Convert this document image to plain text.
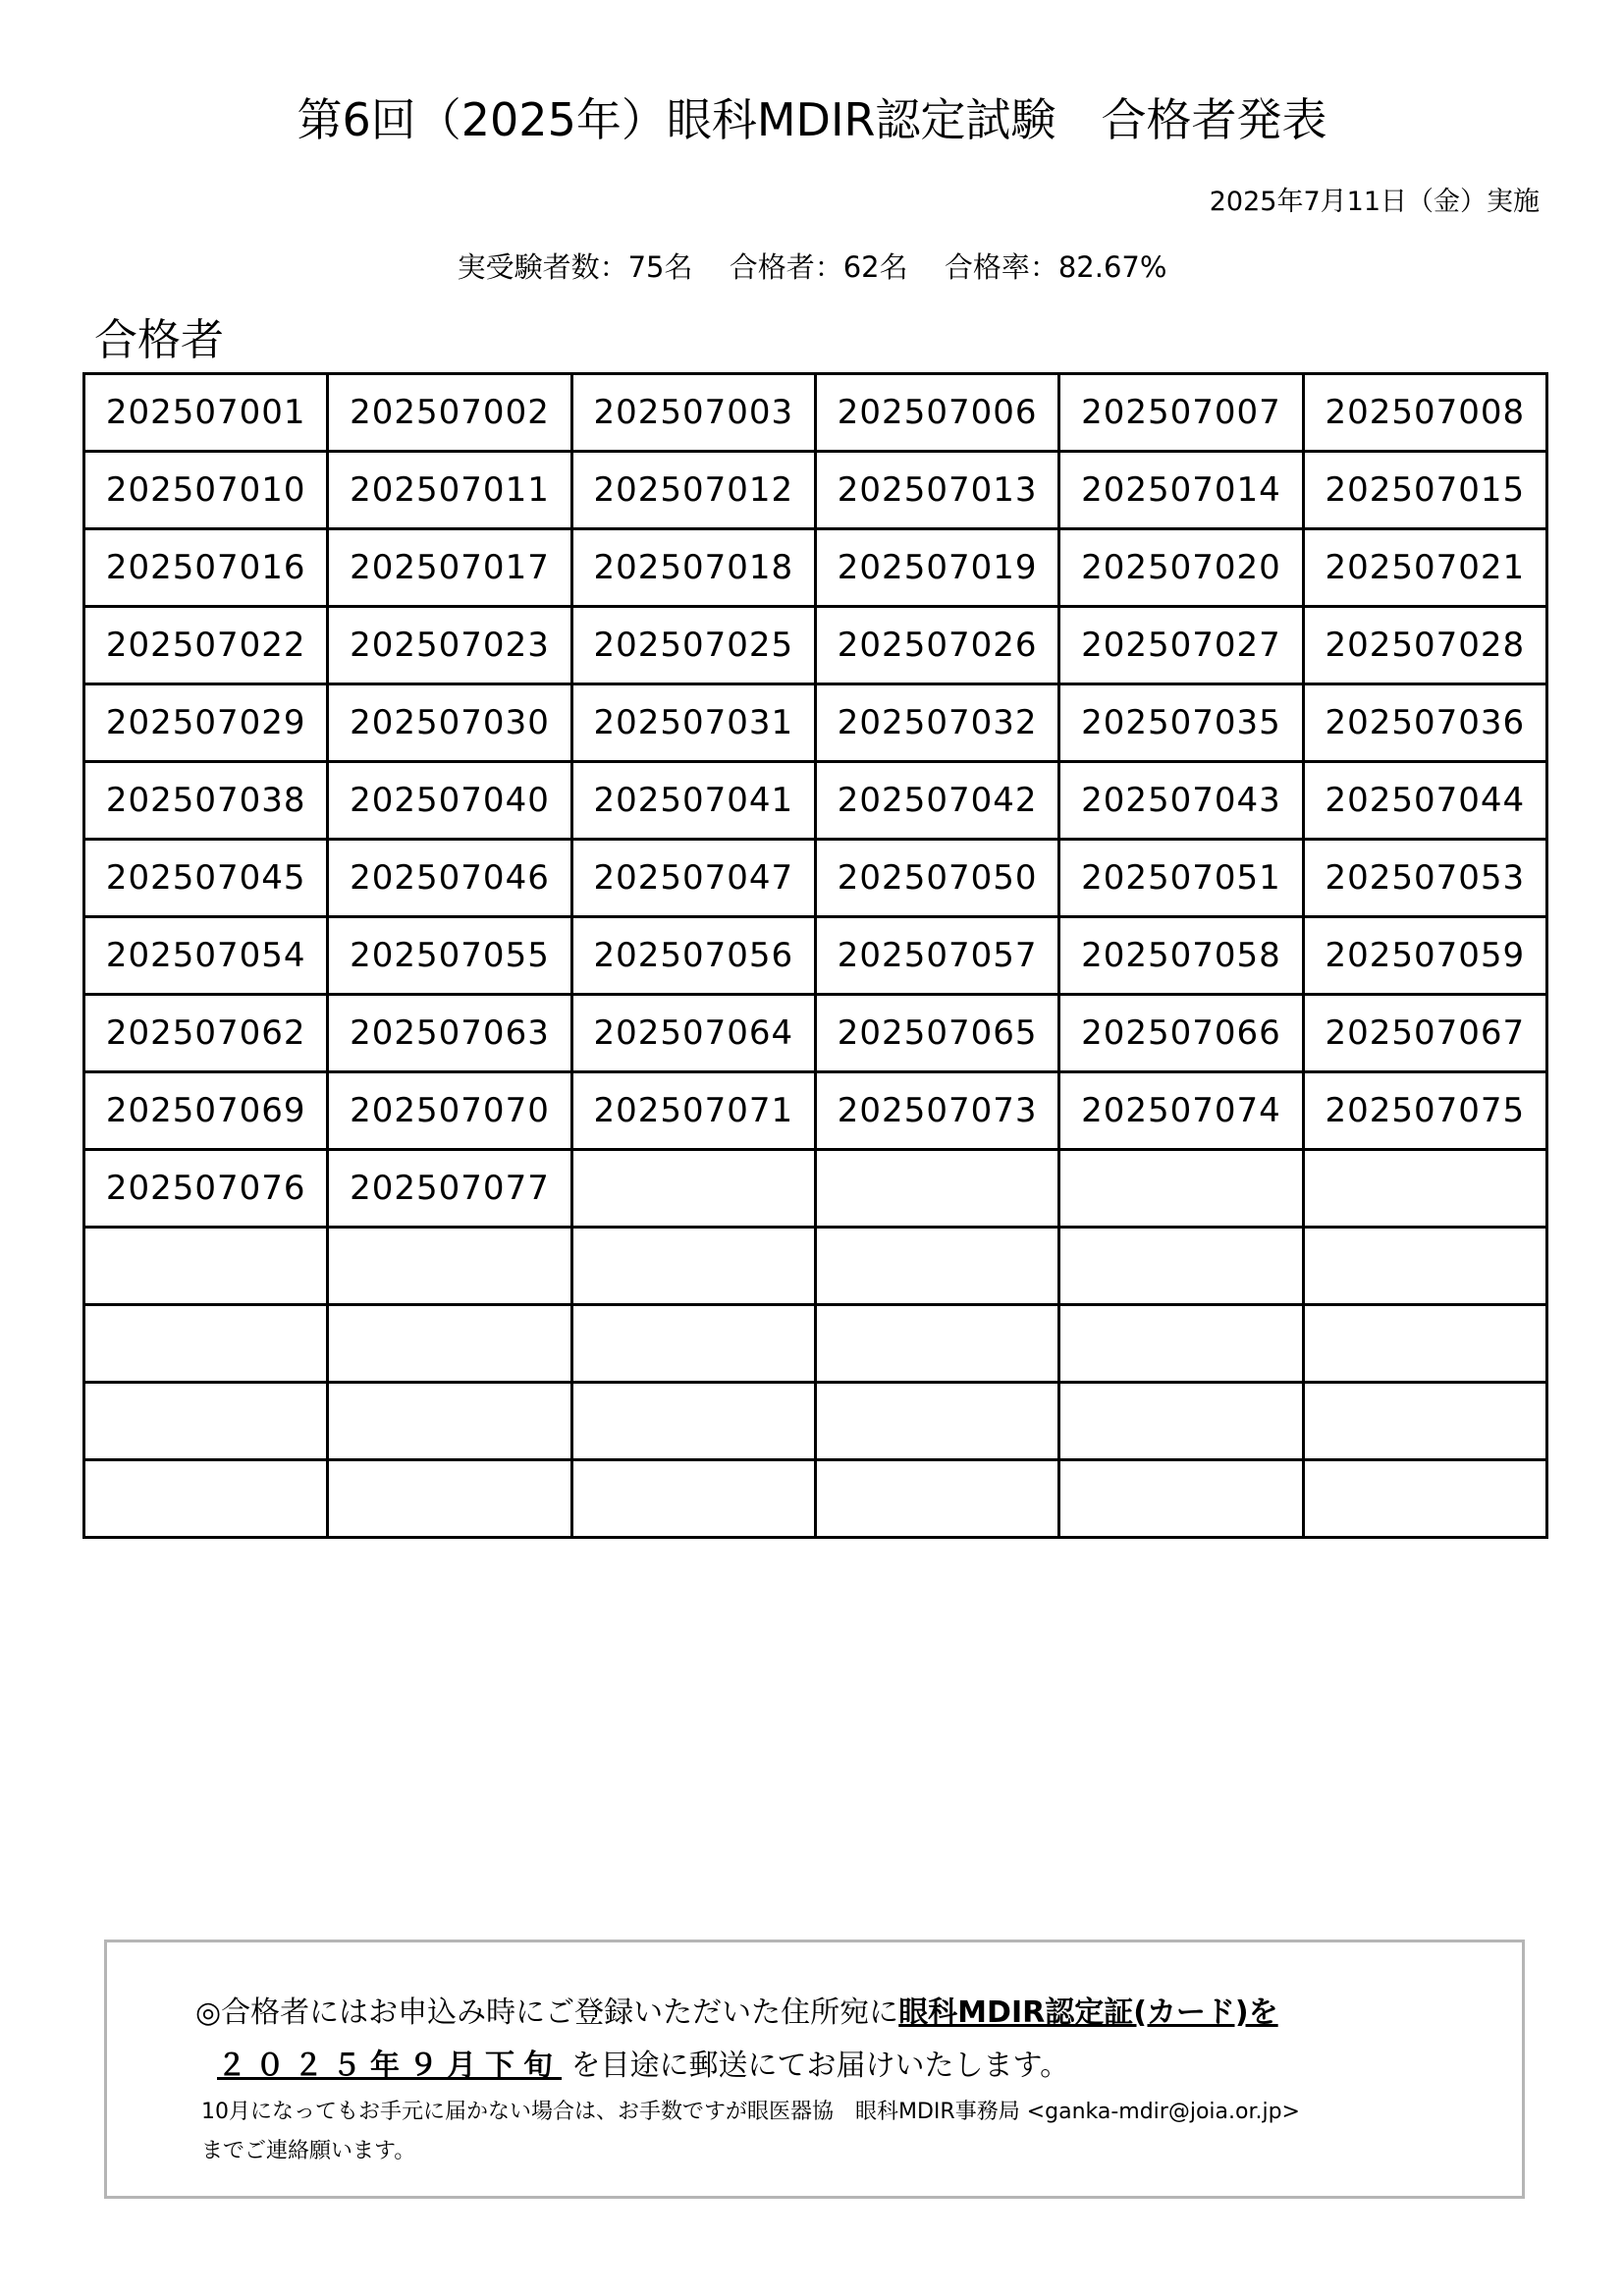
第6回（2025年）眼科MDIR認定試験　合格者発表
2025年7月11日（金）実施
実受験者数：75名 合格者：62名 合格率：82.67%
合格者
202507001	202507002	202507003	202507006	202507007	202507008
202507010	202507011	202507012	202507013	202507014	202507015
202507016	202507017	202507018	202507019	202507020	202507021
202507022	202507023	202507025	202507026	202507027	202507028
202507029	202507030	202507031	202507032	202507035	202507036
202507038	202507040	202507041	202507042	202507043	202507044
202507045	202507046	202507047	202507050	202507051	202507053
202507054	202507055	202507056	202507057	202507058	202507059
202507062	202507063	202507064	202507065	202507066	202507067
202507069	202507070	202507071	202507073	202507074	202507075
202507076	202507077				

◎合格者にはお申込み時にご登録いただいた住所宛に眼科MDIR認定証(カード)を
２０２５年９月下旬 を目途に郵送にてお届けいたします。
10月になってもお手元に届かない場合は、お手数ですが眼医器協　眼科MDIR事務局 <ganka-mdir@joia.or.jp>
までご連絡願います。
